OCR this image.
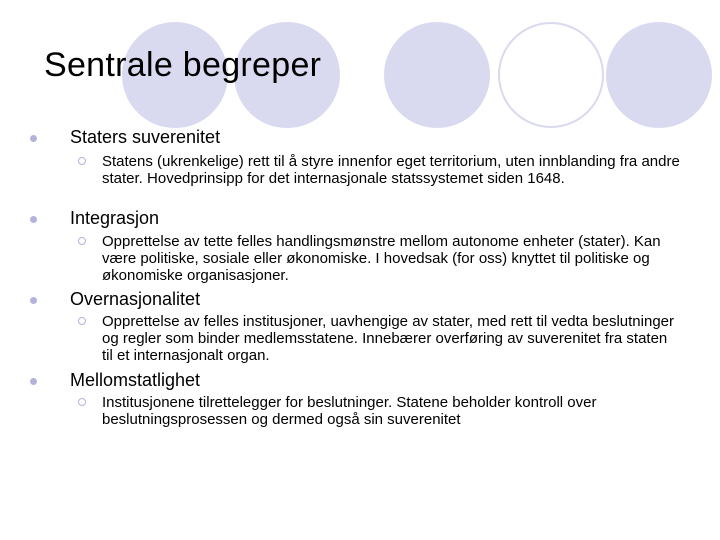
Sentrale begreper
Staters suverenitet
Statens (ukrenkelige) rett til å styre innenfor eget territorium, uten innblanding fra andre stater. Hovedprinsipp for det internasjonale statssystemet siden 1648.
Integrasjon
Opprettelse av tette felles handlingsmønstre mellom autonome enheter (stater). Kan være politiske, sosiale eller økonomiske. I hovedsak (for oss) knyttet til politiske og økonomiske organisasjoner.
Overnasjonalitet
Opprettelse av felles institusjoner, uavhengige av stater, med rett til vedta beslutninger og regler som binder medlemsstatene. Innebærer overføring av suverenitet fra staten til et internasjonalt organ.
Mellomstatlighet
Institusjonene tilrettelegger for beslutninger. Statene beholder kontroll over beslutningsprosessen og dermed også sin suverenitet
